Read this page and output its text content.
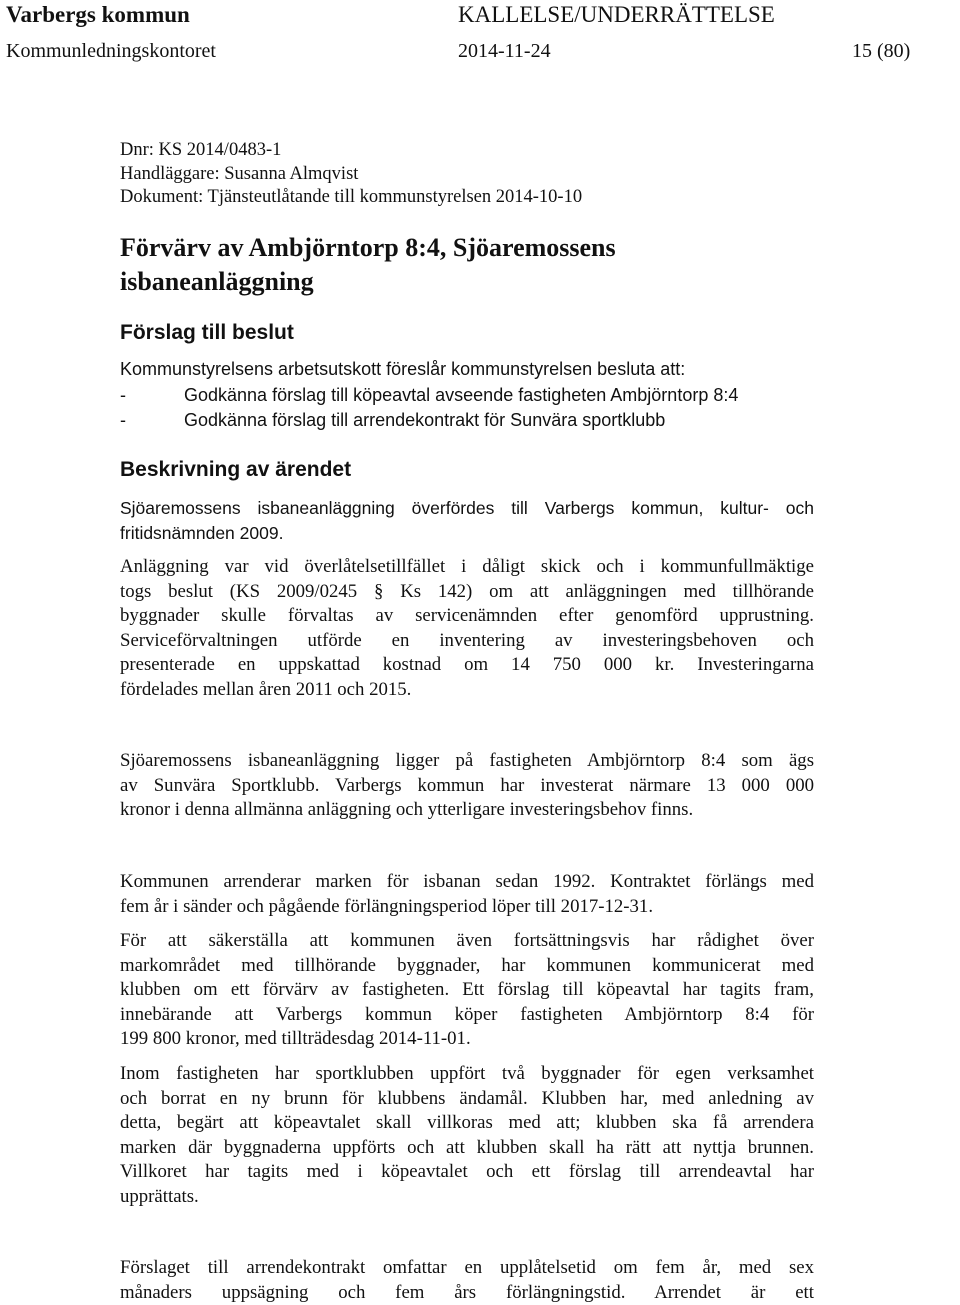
Varbergs kommun	KALLELSE/UNDERRÄTTELSE
Kommunledningskontoret	2014-11-24	15 (80)
Dnr: KS 2014/0483-1
Handläggare: Susanna Almqvist
Dokument: Tjänsteutlåtande till kommunstyrelsen 2014-10-10
Förvärv av Ambjörntorp 8:4, Sjöaremossens
isbaneanläggning
Förslag till beslut
Kommunstyrelsens arbetsutskott föreslår kommunstyrelsen besluta att:
-	Godkänna förslag till köpeavtal avseende fastigheten Ambjörntorp 8:4
-	Godkänna förslag till arrendekontrakt för Sunvära sportklubb
Beskrivning av ärendet
Sjöaremossens isbaneanläggning överfördes till Varbergs kommun, kultur- och
fritidsnämnden 2009.
Anläggning var vid överlåtelsetillfället i dåligt skick och i kommunfullmäktige
togs beslut (KS 2009/0245 § Ks 142) om att anläggningen med tillhörande
byggnader skulle förvaltas av servicenämnden efter genomförd upprustning.
Serviceförvaltningen utförde en inventering av investeringsbehoven och
presenterade en uppskattad kostnad om 14 750 000 kr. Investeringarna
fördelades mellan åren 2011 och 2015.
Sjöaremossens isbaneanläggning ligger på fastigheten Ambjörntorp 8:4 som ägs
av Sunvära Sportklubb. Varbergs kommun har investerat närmare 13 000 000
kronor i denna allmänna anläggning och ytterligare investeringsbehov finns.
Kommunen arrenderar marken för isbanan sedan 1992. Kontraktet förlängs med
fem år i sänder och pågående förlängningsperiod löper till 2017-12-31.
För att säkerställa att kommunen även fortsättningsvis har rådighet över
markområdet med tillhörande byggnader, har kommunen kommunicerat med
klubben om ett förvärv av fastigheten. Ett förslag till köpeavtal har tagits fram,
innebärande att Varbergs kommun köper fastigheten Ambjörntorp 8:4 för
199 800 kronor, med tillträdesdag 2014-11-01.
Inom fastigheten har sportklubben uppfört två byggnader för egen verksamhet
och borrat en ny brunn för klubbens ändamål. Klubben har, med anledning av
detta, begärt att köpeavtalet skall villkoras med att; klubben ska få arrendera
marken där byggnaderna uppförts och att klubben skall ha rätt att nyttja brunnen.
Villkoret har tagits med i köpeavtalet och ett förslag till arrendeavtal har
upprättats.
Förslaget till arrendekontrakt omfattar en upplåtelsetid om fem år, med sex
månaders uppsägning och fem års förlängningstid. Arrendet är ett
